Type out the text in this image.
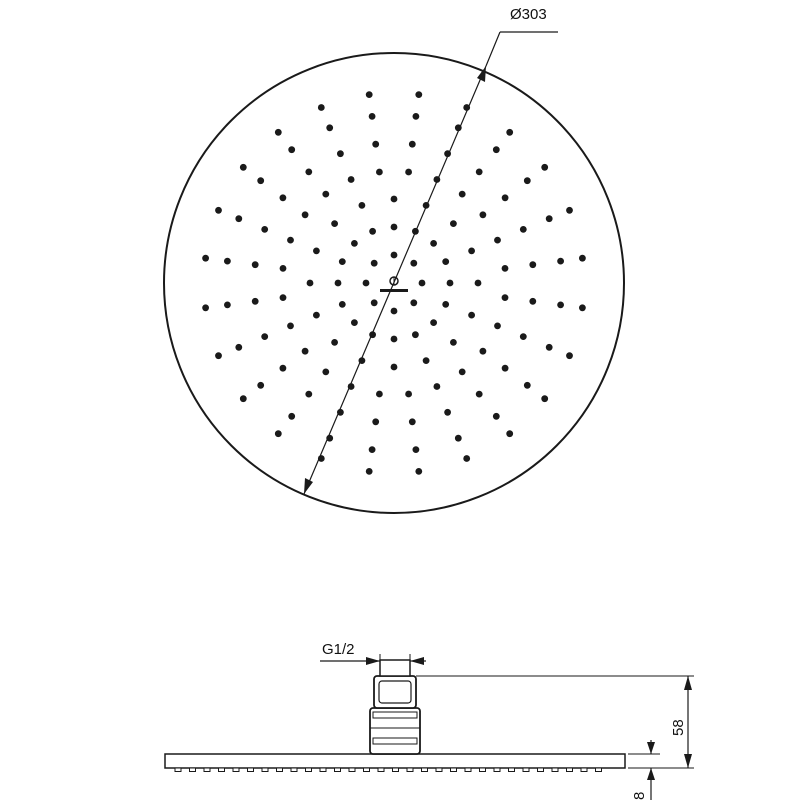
Ø303
G1/2
58
8
